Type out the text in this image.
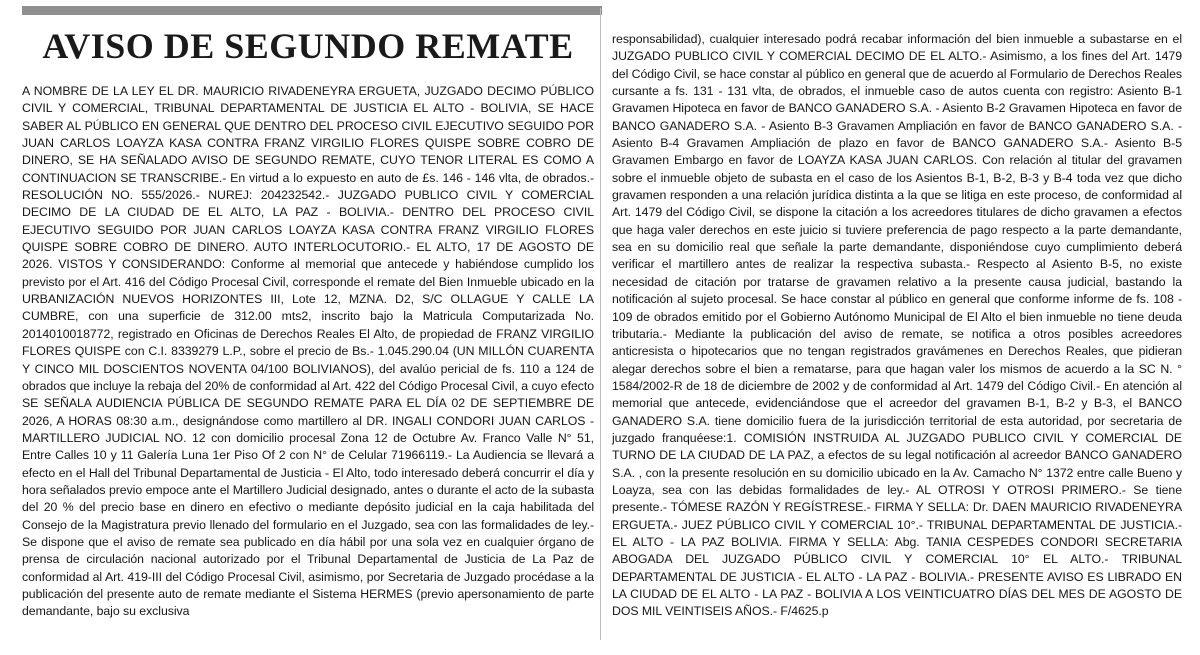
AVISO DE SEGUNDO REMATE

A NOMBRE DE LA LEY EL DR. MAURICIO RIVADENEYRA ERGUETA, JUZGADO DECIMO PÚBLICO CIVIL Y COMERCIAL, TRIBUNAL DEPARTAMENTAL DE JUSTICIA EL ALTO - BOLIVIA, SE HACE SABER AL PÚBLICO EN GENERAL QUE DENTRO DEL PROCESO CIVIL EJECUTIVO SEGUIDO POR JUAN CARLOS LOAYZA KASA CONTRA FRANZ VIRGILIO FLORES QUISPE SOBRE COBRO DE DINERO, SE HA SEÑALADO AVISO DE SEGUNDO REMATE, CUYO TENOR LITERAL ES COMO A CONTINUACION SE TRANSCRIBE.- En virtud a lo expuesto en auto de £s. 146 - 146 vlta, de obrados.- RESOLUCIÓN NO. 555/2026.- NUREJ: 204232542.- JUZGADO PUBLICO CIVIL Y COMERCIAL DECIMO DE LA CIUDAD DE EL ALTO, LA PAZ - BOLIVIA.- DENTRO DEL PROCESO CIVIL EJECUTIVO SEGUIDO POR JUAN CARLOS LOAYZA KASA CONTRA FRANZ VIRGILIO FLORES QUISPE SOBRE COBRO DE DINERO. AUTO INTERLOCUTORIO.- EL ALTO, 17 DE AGOSTO DE 2026. VISTOS Y CONSIDERANDO: Conforme al memorial que antecede y habiéndose cumplido los previsto por el Art. 416 del Código Procesal Civil, corresponde el remate del Bien Inmueble ubicado en la URBANIZACIÓN NUEVOS HORIZONTES III, Lote 12, MZNA. D2, S/C OLLAGUE Y CALLE LA CUMBRE, con una superficie de 312.00 mts2, inscrito bajo la Matricula Computarizada No. 2014010018772, registrado en Oficinas de Derechos Reales El Alto, de propiedad de FRANZ VIRGILIO FLORES QUISPE con C.I. 8339279 L.P., sobre el precio de Bs.- 1.045.290.04 (UN MILLÓN CUARENTA Y CINCO MIL DOSCIENTOS NOVENTA 04/100 BOLIVIANOS), del avalúo pericial de fs. 110 a 124 de obrados que incluye la rebaja del 20% de conformidad al Art. 422 del Código Procesal Civil, a cuyo efecto SE SEÑALA AUDIENCIA PÚBLICA DE SEGUNDO REMATE PARA EL DÍA 02 DE SEPTIEMBRE DE 2026, A HORAS 08:30 a.m., designándose como martillero al DR. INGALI CONDORI JUAN CARLOS - MARTILLERO JUDICIAL NO. 12 con domicilio procesal Zona 12 de Octubre Av. Franco Valle N° 51, Entre Calles 10 y 11 Galería Luna 1er Piso Of 2 con N° de Celular 71966119.- La Audiencia se llevará a efecto en el Hall del Tribunal Departamental de Justicia - El Alto, todo interesado deberá concurrir el día y hora señalados previo empoce ante el Martillero Judicial designado, antes o durante el acto de la subasta del 20 % del precio base en dinero en efectivo o mediante depósito judicial en la caja habilitada del Consejo de la Magistratura previo llenado del formulario en el Juzgado, sea con las formalidades de ley.- Se dispone que el aviso de remate sea publicado en día hábil por una sola vez en cualquier órgano de prensa de circulación nacional autorizado por el Tribunal Departamental de Justicia de La Paz de conformidad al Art. 419-III del Código Procesal Civil, asimismo, por Secretaria de Juzgado procédase a la publicación del presente auto de remate mediante el Sistema HERMES (previo apersonamiento de parte demandante, bajo su exclusiva

responsabilidad), cualquier interesado podrá recabar información del bien inmueble a subastarse en el JUZGADO PUBLICO CIVIL Y COMERCIAL DECIMO DE EL ALTO.- Asimismo, a los fines del Art. 1479 del Código Civil, se hace constar al público en general que de acuerdo al Formulario de Derechos Reales cursante a fs. 131 - 131 vlta, de obrados, el inmueble caso de autos cuenta con registro: Asiento B-1 Gravamen Hipoteca en favor de BANCO GANADERO S.A. - Asiento B-2 Gravamen Hipoteca en favor de BANCO GANADERO S.A. - Asiento B-3 Gravamen Ampliación en favor de BANCO GANADERO S.A. - Asiento B-4 Gravamen Ampliación de plazo en favor de BANCO GANADERO S.A.- Asiento B-5 Gravamen Embargo en favor de LOAYZA KASA JUAN CARLOS. Con relación al titular del gravamen sobre el inmueble objeto de subasta en el caso de los Asientos B-1, B-2, B-3 y B-4 toda vez que dicho gravamen responden a una relación jurídica distinta a la que se litiga en este proceso, de conformidad al Art. 1479 del Código Civil, se dispone la citación a los acreedores titulares de dicho gravamen a efectos que haga valer derechos en este juicio si tuviere preferencia de pago respecto a la parte demandante, sea en su domicilio real que señale la parte demandante, disponiéndose cuyo cumplimiento deberá verificar el martillero antes de realizar la respectiva subasta.- Respecto al Asiento B-5, no existe necesidad de citación por tratarse de gravamen relativo a la presente causa judicial, bastando la notificación al sujeto procesal. Se hace constar al público en general que conforme informe de fs. 108 - 109 de obrados emitido por el Gobierno Autónomo Municipal de El Alto el bien inmueble no tiene deuda tributaria.- Mediante la publicación del aviso de remate, se notifica a otros posibles acreedores anticresista o hipotecarios que no tengan registrados gravámenes en Derechos Reales, que pidieran alegar derechos sobre el bien a rematarse, para que hagan valer los mismos de acuerdo a la SC N. ° 1584/2002-R de 18 de diciembre de 2002 y de conformidad al Art. 1479 del Código Civil.- En atención al memorial que antecede, evidenciándose que el acreedor del gravamen B-1, B-2 y B-3, el BANCO GANADERO S.A. tiene domicilio fuera de la jurisdicción territorial de esta autoridad, por secretaria de juzgado franquéese:1. COMISIÓN INSTRUIDA AL JUZGADO PUBLICO CIVIL Y COMERCIAL DE TURNO DE LA CIUDAD DE LA PAZ, a efectos de su legal notificación al acreedor BANCO GANADERO S.A. , con la presente resolución en su domicilio ubicado en la Av. Camacho N° 1372 entre calle Bueno y Loayza, sea con las debidas formalidades de ley.- AL OTROSI Y OTROSI PRIMERO.- Se tiene presente.- TÓMESE RAZÓN Y REGÍSTRESE.- FIRMA Y SELLA: Dr. DAEN MAURICIO RIVADENEYRA ERGUETA.- JUEZ PÚBLICO CIVIL Y COMERCIAL 10°.- TRIBUNAL DEPARTAMENTAL DE JUSTICIA.- EL ALTO - LA PAZ BOLIVIA. FIRMA Y SELLA: Abg. TANIA CESPEDES CONDORI SECRETARIA ABOGADA DEL JUZGADO PÚBLICO CIVIL Y COMERCIAL 10° EL ALTO.- TRIBUNAL DEPARTAMENTAL DE JUSTICIA - EL ALTO - LA PAZ - BOLIVIA.- PRESENTE AVISO ES LIBRADO EN LA CIUDAD DE EL ALTO - LA PAZ - BOLIVIA A LOS VEINTICUATRO DÍAS DEL MES DE AGOSTO DE DOS MIL VEINTISEIS AÑOS.- F/4625.p
